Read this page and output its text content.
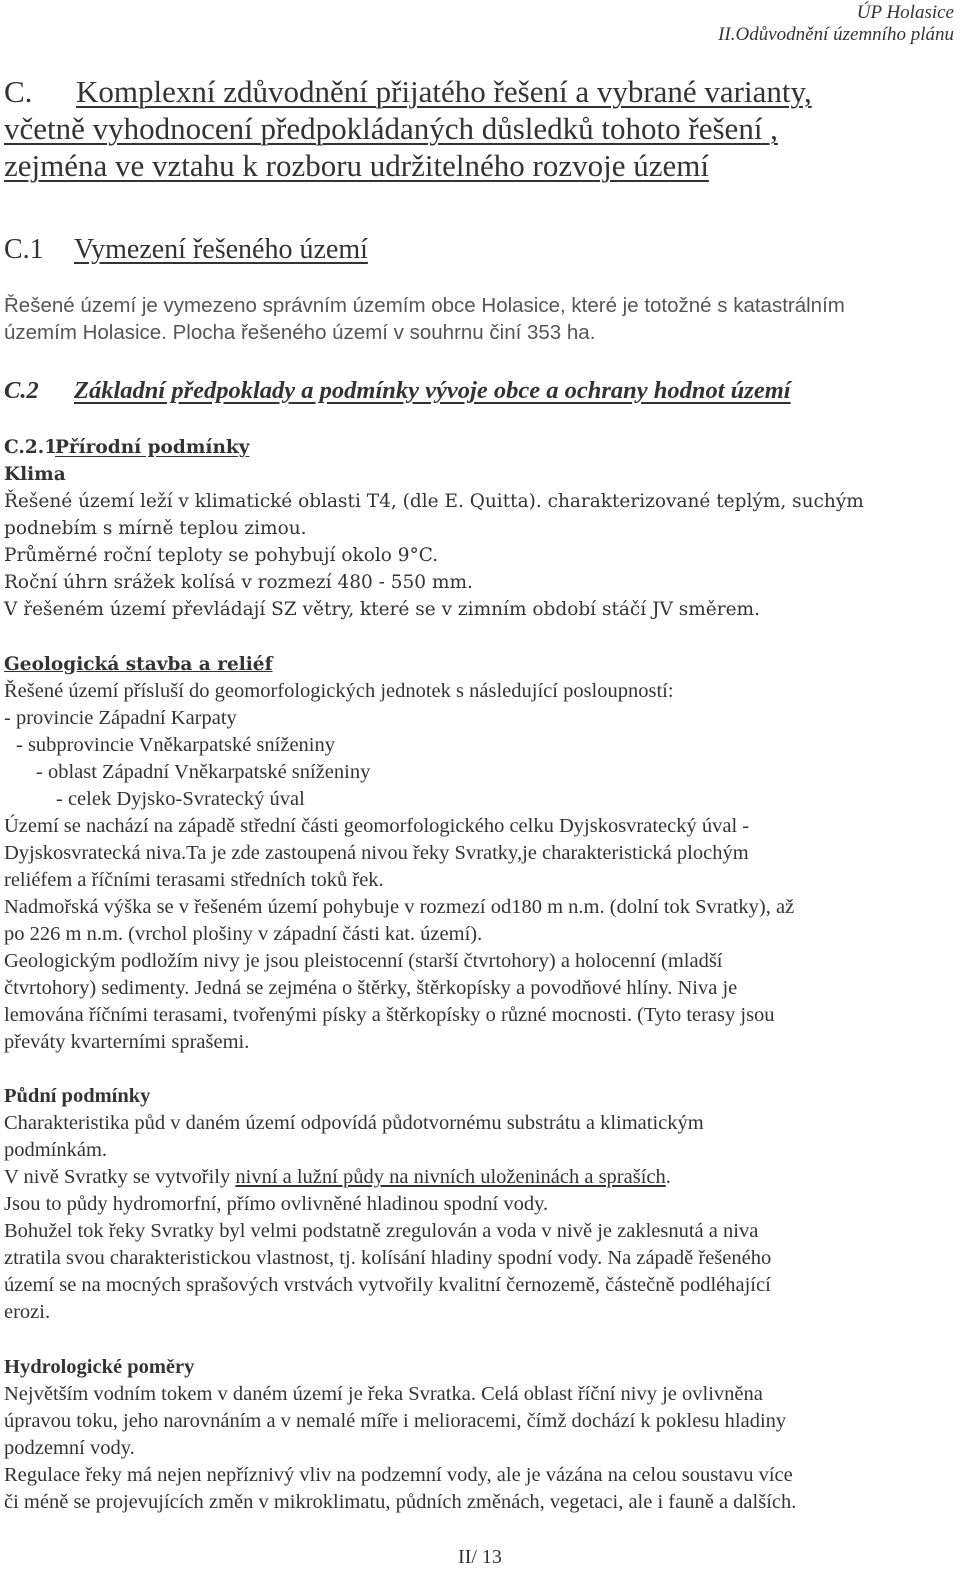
ÚP Holasice
II.Odůvodnění územního plánu
C. Komplexní zdůvodnění přijatého řešení a vybrané varianty,
včetně vyhodnocení předpokládaných důsledků tohoto řešení ,
zejména ve vztahu k rozboru udržitelného rozvoje území
C.1 Vymezení řešeného území
Řešené území je vymezeno správním územím obce Holasice, které je totožné s katastrálním
územím Holasice. Plocha řešeného území v souhrnu činí 353 ha.
C.2 Základní předpoklady a podmínky vývoje obce a ochrany hodnot území
C.2.1Přírodní podmínky
Klima
Řešené území leží v klimatické oblasti T4, (dle E. Quitta). charakterizované teplým, suchým
podnebím s mírně teplou zimou.
Průměrné roční teploty se pohybují okolo 9°C.
Roční úhrn srážek kolísá v rozmezí 480 - 550 mm.
V řešeném území převládají SZ větry, které se v zimním období stáčí JV směrem.
Geologická stavba a reliéf
Řešené území přísluší do geomorfologických jednotek s následující posloupností:
- provincie Západní Karpaty
- subprovincie Vněkarpatské sníženiny
- oblast Západní Vněkarpatské sníženiny
- celek Dyjsko-Svratecký úval
Území se nachází na západě střední části geomorfologického celku Dyjskosvratecký úval -
Dyjskosvratecká niva.Ta je zde zastoupená nivou řeky Svratky,je charakteristická plochým
reliéfem a říčními terasami středních toků řek.
Nadmořská výška se v řešeném území pohybuje v rozmezí od180 m n.m. (dolní tok Svratky), až
po 226 m n.m. (vrchol plošiny v západní části kat. území).
Geologickým podložím nivy je jsou pleistocenní (starší čtvrtohory) a holocenní (mladší
čtvrtohory) sedimenty. Jedná se zejména o štěrky, štěrkopísky a povodňové hlíny. Niva je
lemována říčními terasami, tvořenými písky a štěrkopísky o různé mocnosti. (Tyto terasy jsou
převáty kvarterními sprašemi.
Půdní podmínky
Charakteristika půd v daném území odpovídá půdotvornému substrátu a klimatickým
podmínkám.
V nivě Svratky se vytvořily nivní a lužní půdy na nivních uloženinách a spraších.
Jsou to půdy hydromorfní, přímo ovlivněné hladinou spodní vody.
Bohužel tok řeky Svratky byl velmi podstatně zregulován a voda v nivě je zaklesnutá a niva
ztratila svou charakteristickou vlastnost, tj. kolísání hladiny spodní vody. Na západě řešeného
území se na mocných sprašových vrstvách vytvořily kvalitní černozemě, částečně podléhající
erozi.
Hydrologické poměry
Největším vodním tokem v daném území je řeka Svratka. Celá oblast říční nivy je ovlivněna
úpravou toku, jeho narovnáním a v nemalé míře i melioracemi, čímž dochází k poklesu hladiny
podzemní vody.
Regulace řeky má nejen nepříznivý vliv na podzemní vody, ale je vázána na celou soustavu více
či méně se projevujících změn v mikroklimatu, půdních změnách, vegetaci, ale i fauně a dalších.
II/ 13
